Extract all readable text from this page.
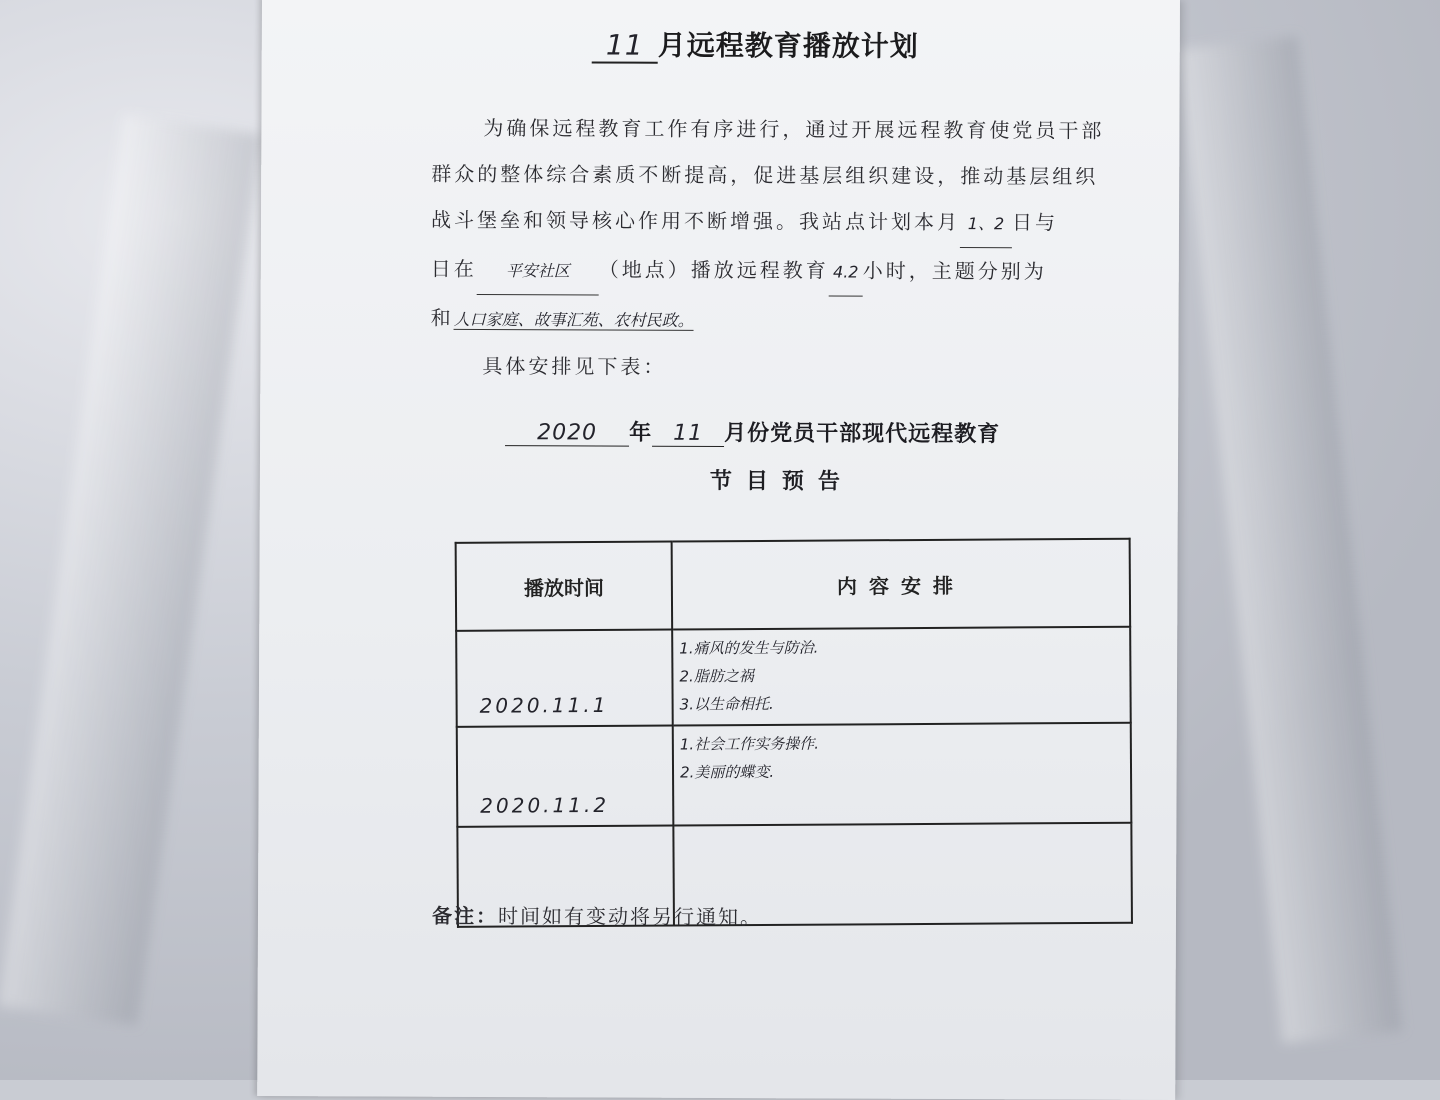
11 月远程教育播放计划
为确保远程教育工作有序进行，通过开展远程教育使党员干部
群众的整体综合素质不断提高，促进基层组织建设，推动基层组织
战斗堡垒和领导核心作用不断增强。我站点计划本月 1、2 日与
日在 平安社区 （地点）播放远程教育 4.2 小时，主题分别为
和人口家庭、故事汇苑、农村民政。
具体安排见下表：
2020 年 11 月份党员干部现代远程教育
节目预告
播放时间	内容安排
2020.11.1	1.痛风的发生与防治.
2.脂肪之祸
3.以生命相托.

2020.11.2	1.社会工作实务操作.
2.美丽的蝶变.

备注：时间如有变动将另行通知。
